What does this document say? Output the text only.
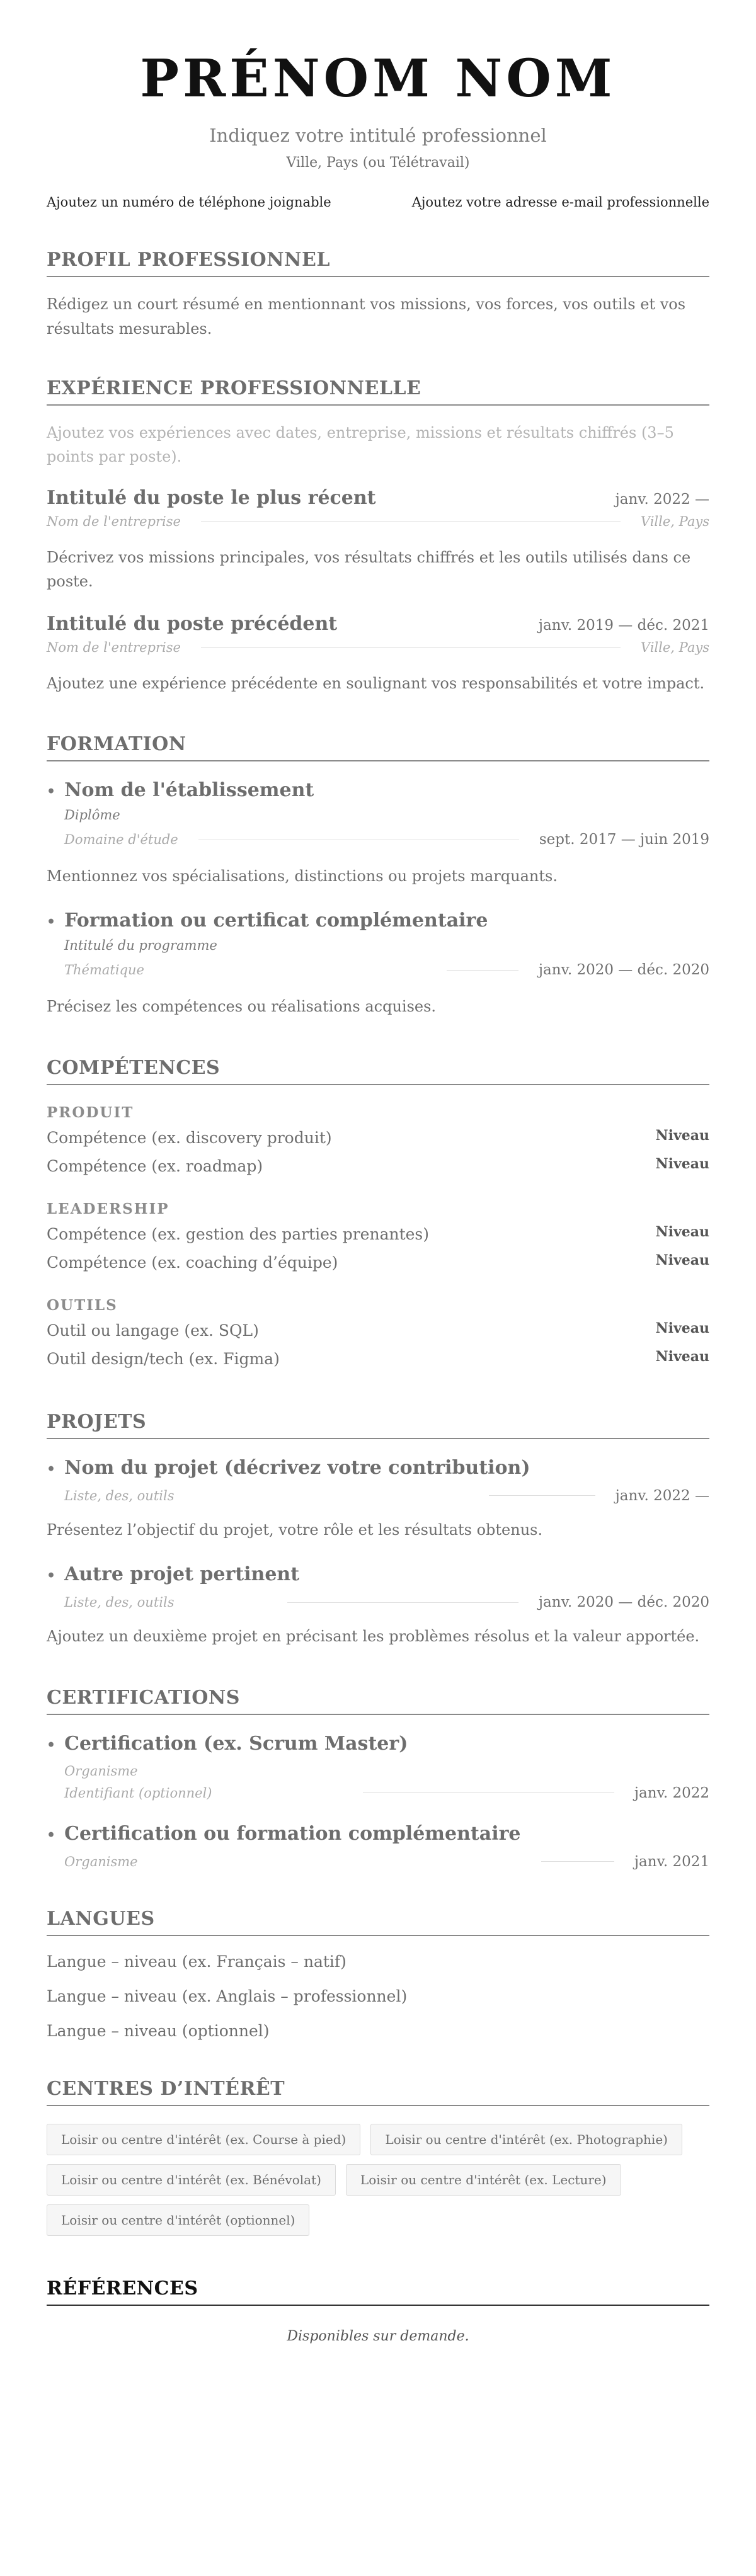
PRÉNOM NOM
Indiquez votre intitulé professionnel
Ville, Pays (ou Télétravail)
Ajoutez un numéro de téléphone joignable	Ajoutez votre adresse e-mail professionnelle
PROFIL PROFESSIONNEL
Rédigez un court résumé en mentionnant vos missions, vos forces, vos outils et vos résultats mesurables.
EXPÉRIENCE PROFESSIONNELLE
Ajoutez vos expériences avec dates, entreprise, missions et résultats chiffrés (3–5 points par poste).
Intitulé du poste le plus récent	janv. 2022 —
Nom de l'entreprise	Ville, Pays
Décrivez vos missions principales, vos résultats chiffrés et les outils utilisés dans ce poste.
Intitulé du poste précédent	janv. 2019 — déc. 2021
Nom de l'entreprise	Ville, Pays
Ajoutez une expérience précédente en soulignant vos responsabilités et votre impact.
FORMATION
• Nom de l'établissement
Diplôme
Domaine d'étude	sept. 2017 — juin 2019
Mentionnez vos spécialisations, distinctions ou projets marquants.
• Formation ou certificat complémentaire
Intitulé du programme
Thématique	janv. 2020 — déc. 2020
Précisez les compétences ou réalisations acquises.
COMPÉTENCES
PRODUIT
Compétence (ex. discovery produit)	Niveau
Compétence (ex. roadmap)	Niveau
LEADERSHIP
Compétence (ex. gestion des parties prenantes)	Niveau
Compétence (ex. coaching d’équipe)	Niveau
OUTILS
Outil ou langage (ex. SQL)	Niveau
Outil design/tech (ex. Figma)	Niveau
PROJETS
• Nom du projet (décrivez votre contribution)
Liste, des, outils	janv. 2022 —
Présentez l’objectif du projet, votre rôle et les résultats obtenus.
• Autre projet pertinent
Liste, des, outils	janv. 2020 — déc. 2020
Ajoutez un deuxième projet en précisant les problèmes résolus et la valeur apportée.
CERTIFICATIONS
• Certification (ex. Scrum Master)
Organisme
Identifiant (optionnel)	janv. 2022
• Certification ou formation complémentaire
Organisme	janv. 2021
LANGUES
Langue – niveau (ex. Français – natif)
Langue – niveau (ex. Anglais – professionnel)
Langue – niveau (optionnel)
CENTRES D’INTÉRÊT
Loisir ou centre d'intérêt (ex. Course à pied)	Loisir ou centre d'intérêt (ex. Photographie)
Loisir ou centre d'intérêt (ex. Bénévolat)	Loisir ou centre d'intérêt (ex. Lecture)
Loisir ou centre d'intérêt (optionnel)
RÉFÉRENCES
Disponibles sur demande.
